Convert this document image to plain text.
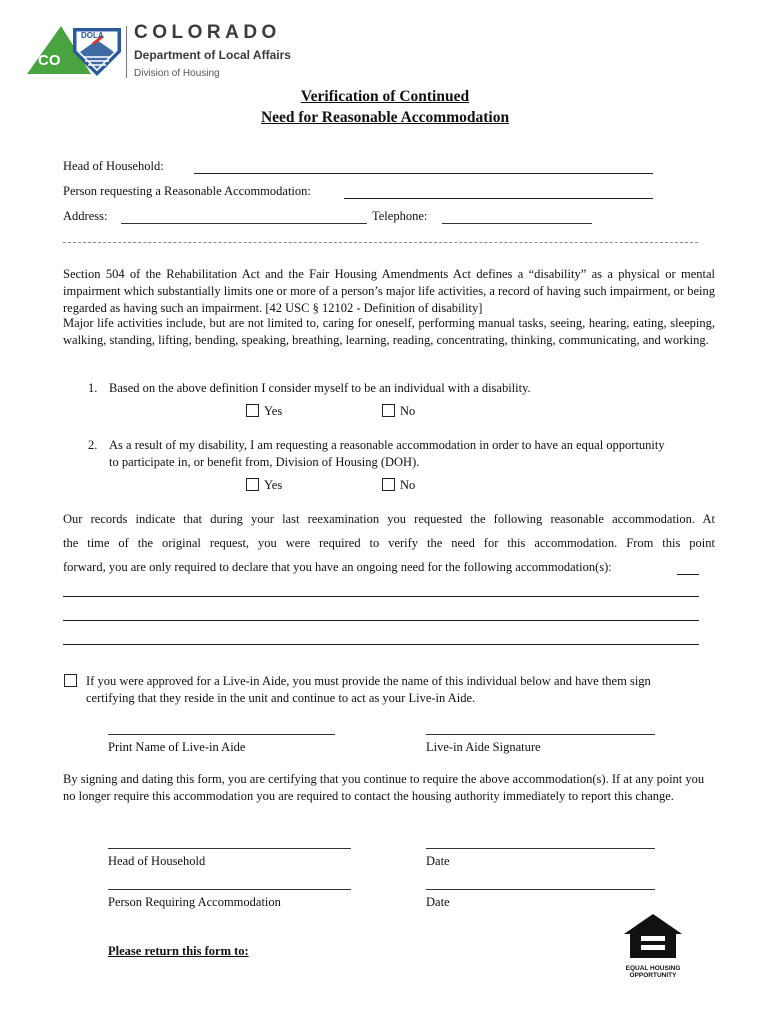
DOLA
CO
COLORADO
Department of Local Affairs
Division of Housing
Verification of Continued
Need for Reasonable Accommodation
Head of Household:
Person requesting a Reasonable Accommodation:
Address:	Telephone:
Section 504 of the Rehabilitation Act and the Fair Housing Amendments Act defines a “disability” as a physical or mental impairment which substantially limits one or more of a person’s major life activities, a record of having such impairment, or being regarded as having such an impairment. [42 USC § 12102 - Definition of disability]
Major life activities include, but are not limited to, caring for oneself, performing manual tasks, seeing, hearing, eating, sleeping, walking, standing, lifting, bending, speaking, breathing, learning, reading, concentrating, thinking, communicating, and working.
1. Based on the above definition I consider myself to be an individual with a disability.
Yes	No
2. As a result of my disability, I am requesting a reasonable accommodation in order to have an equal opportunity to participate in, or benefit from, Division of Housing (DOH).
Yes	No
Our records indicate that during your last reexamination you requested the following reasonable accommodation. At
the time of the original request, you were required to verify the need for this accommodation. From this point
forward, you are only required to declare that you have an ongoing need for the following accommodation(s):
If you were approved for a Live-in Aide, you must provide the name of this individual below and have them sign certifying that they reside in the unit and continue to act as your Live-in Aide.
Print Name of Live-in Aide	Live-in Aide Signature
By signing and dating this form, you are certifying that you continue to require the above accommodation(s). If at any point you no longer require this accommodation you are required to contact the housing authority immediately to report this change.
Head of Household	Date
Person Requiring Accommodation	Date
Please return this form to:
EQUAL HOUSING
OPPORTUNITY
